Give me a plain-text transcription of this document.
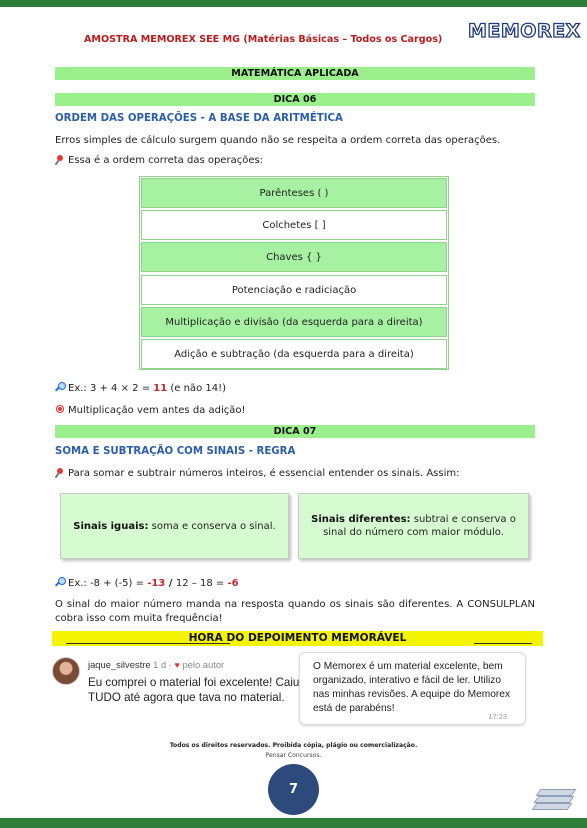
AMOSTRA MEMOREX SEE MG (Matérias Básicas – Todos os Cargos) MEMOREX
MATEMÁTICA APLICADA
DICA 06
ORDEM DAS OPERAÇÕES - A BASE DA ARITMÉTICA
Erros simples de cálculo surgem quando não se respeita a ordem correta das operações.
Essa é a ordem correta das operações:
Parênteses ( )
Colchetes [ ]
Chaves { }
Potenciação e radiciação
Multiplicação e divisão (da esquerda para a direita)
Adição e subtração (da esquerda para a direita)
Ex.: 3 + 4 × 2 = 11 (e não 14!)
Multiplicação vem antes da adição!
DICA 07
SOMA E SUBTRAÇÃO COM SINAIS - REGRA
Para somar e subtrair números inteiros, é essencial entender os sinais. Assim:
Sinais iguais: soma e conserva o sinal.
Sinais diferentes: subtrai e conserva o sinal do número com maior módulo.
Ex.: -8 + (-5) = -13 / 12 – 18 = -6
O sinal do maior número manda na resposta quando os sinais são diferentes. A CONSULPLAN cobra isso com muita frequência!
HORA DO DEPOIMENTO MEMORÁVEL
jaque_silvestre 1 d · ♥ pelo autor
Eu comprei o material foi excelente! Caiu TUDO até agora que tava no material.
O Memorex é um material excelente, bem organizado, interativo e fácil de ler. Utilizo nas minhas revisões. A equipe do Memorex está de parabéns!
17:23
Todos os direitos reservados. Proibida cópia, plágio ou comercialização.
Pensar Concursos.
7
